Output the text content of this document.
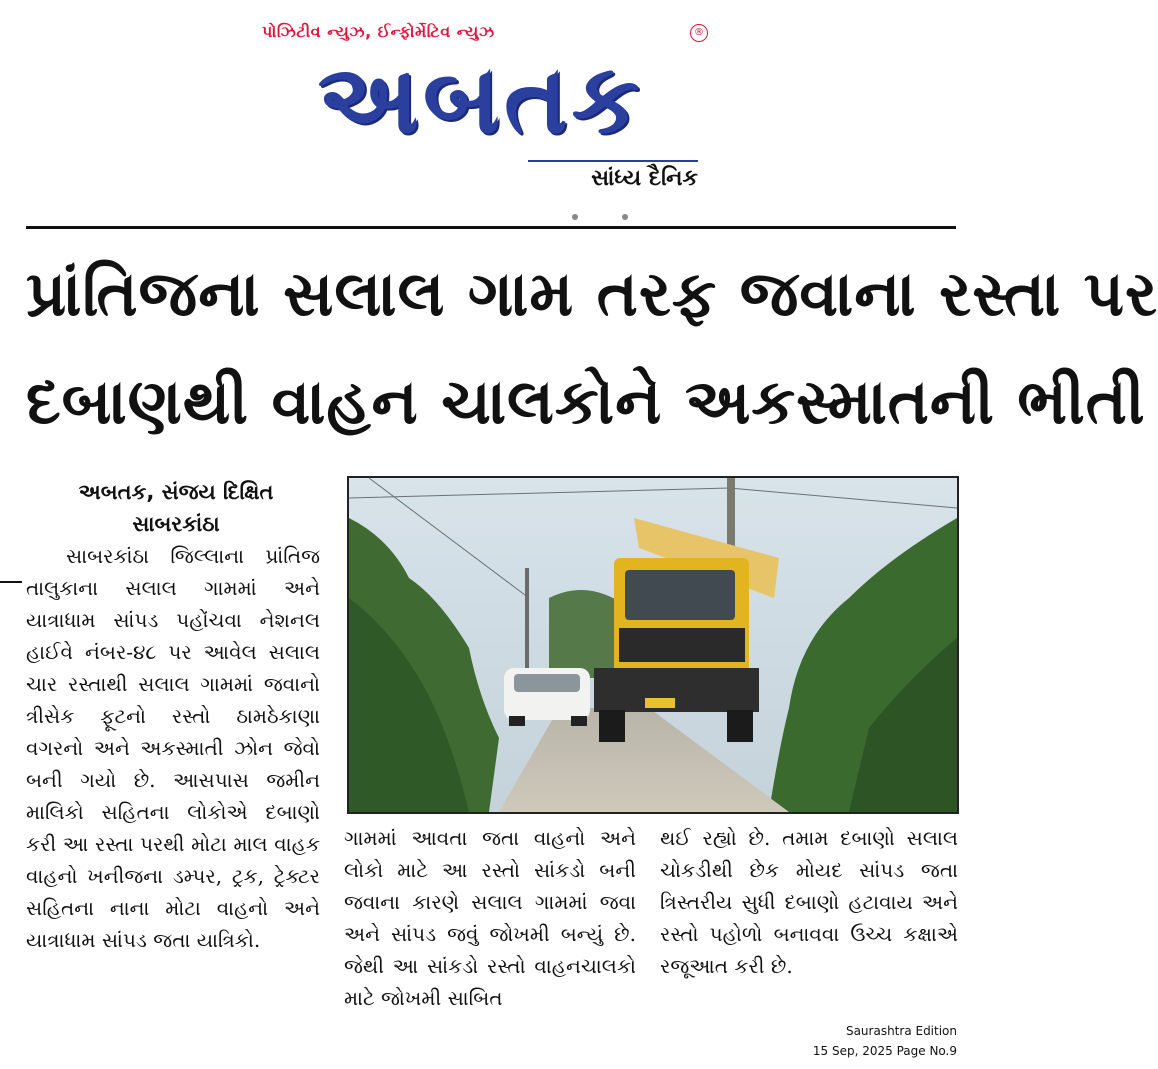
પોઝિટીવ ન્યુઝ, ઈન્ફોર્મેટિવ ન્યુઝ	®
અબતક
સાંધ્ય દૈનિક
પ્રાંતિજના સલાલ ગામ તરફ જવાના રસ્તા પર
દબાણથી વાહન ચાલકોને અકસ્માતની ભીતી
અબતક, સંજય દિક્ષિત
સાબરકાંઠા
સાબરકાંઠા જિલ્લાના પ્રાંતિજ તાલુકાના સલાલ ગામમાં અને યાત્રાધામ સાંપડ પહોંચવા નેશનલ હાઈવે નંબર-૪૮ પર આવેલ સલાલ ચાર રસ્તાથી સલાલ ગામમાં જવાનો ત્રીસેક ફૂટનો રસ્તો ઠામઠેકાણા વગરનો અને અકસ્માતી ઝોન જેવો બની ગયો છે. આસપાસ જમીન માલિકો સહિતના લોકોએ દબાણો કરી આ રસ્તા પરથી મોટા માલ વાહક વાહનો ખનીજના ડમ્પર, ટ્રક, ટ્રેક્ટર સહિતના નાના મોટા વાહનો અને યાત્રાધામ સાંપડ જતા યાત્રિકો.
ગામમાં આવતા જતા વાહનો અને લોકો માટે આ રસ્તો સાંકડો બની જવાના કારણે સલાલ ગામમાં જવા અને સાંપડ જવું જોખમી બન્યું છે. જેથી આ સાંકડો રસ્તો વાહનચાલકો માટે જોખમી સાબિત
થઈ રહ્યો છે. તમામ દબાણો સલાલ ચોકડીથી છેક મોયદ સાંપડ જતા ત્રિસ્તરીય સુધી દબાણો હટાવાય અને રસ્તો પહોળો બનાવવા ઉચ્ચ કક્ષાએ રજૂઆત કરી છે.
Saurashtra Edition
15 Sep, 2025 Page No.9
